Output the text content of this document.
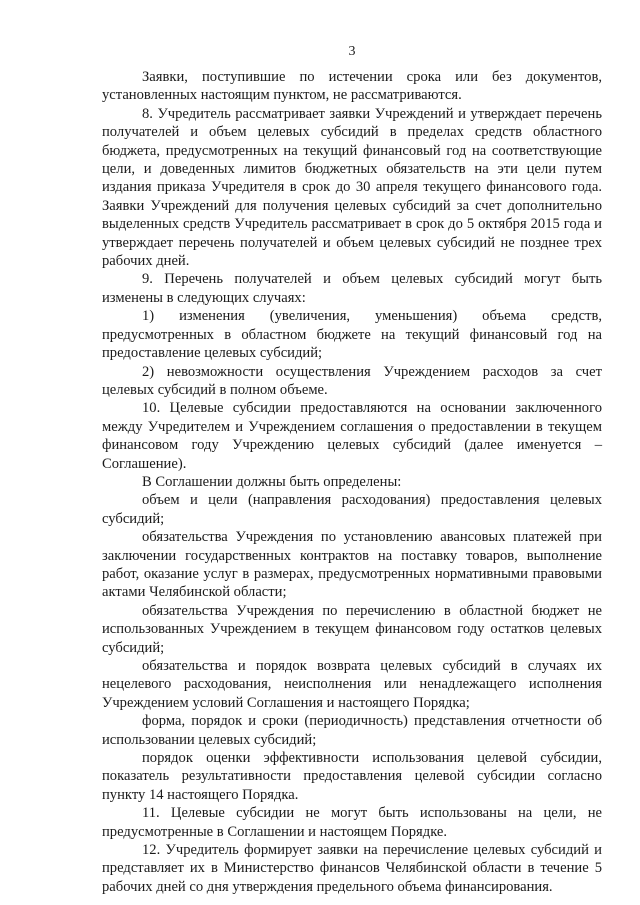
3

Заявки, поступившие по истечении срока или без документов, установленных настоящим пунктом, не рассматриваются.

8. Учредитель рассматривает заявки Учреждений и утверждает перечень получателей и объем целевых субсидий в пределах средств областного бюджета, предусмотренных на текущий финансовый год на соответствующие цели, и доведенных лимитов бюджетных обязательств на эти цели путем издания приказа Учредителя в срок до 30 апреля текущего финансового года. Заявки Учреждений для получения целевых субсидий за счет дополнительно выделенных средств Учредитель рассматривает в срок до 5 октября 2015 года и утверждает перечень получателей и объем целевых субсидий не позднее трех рабочих дней.

9. Перечень получателей и объем целевых субсидий могут быть изменены в следующих случаях:

1) изменения (увеличения, уменьшения) объема средств, предусмотренных в областном бюджете на текущий финансовый год на предоставление целевых субсидий;

2) невозможности осуществления Учреждением расходов за счет целевых субсидий в полном объеме.

10. Целевые субсидии предоставляются на основании заключенного между Учредителем и Учреждением соглашения о предоставлении в текущем финансовом году Учреждению целевых субсидий (далее именуется – Соглашение).

В Соглашении должны быть определены:

объем и цели (направления расходования) предоставления целевых субсидий;

обязательства Учреждения по установлению авансовых платежей при заключении государственных контрактов на поставку товаров, выполнение работ, оказание услуг в размерах, предусмотренных нормативными правовыми актами Челябинской области;

обязательства Учреждения по перечислению в областной бюджет не использованных Учреждением в текущем финансовом году остатков целевых субсидий;

обязательства и порядок возврата целевых субсидий в случаях их нецелевого расходования, неисполнения или ненадлежащего исполнения Учреждением условий Соглашения и настоящего Порядка;

форма, порядок и сроки (периодичность) представления отчетности об использовании целевых субсидий;

порядок оценки эффективности использования целевой субсидии, показатель результативности предоставления целевой субсидии согласно пункту 14 настоящего Порядка.

11. Целевые субсидии не могут быть использованы на цели, не предусмотренные в Соглашении и настоящем Порядке.

12. Учредитель формирует заявки на перечисление целевых субсидий и представляет их в Министерство финансов Челябинской области в течение 5 рабочих дней со дня утверждения предельного объема финансирования.
